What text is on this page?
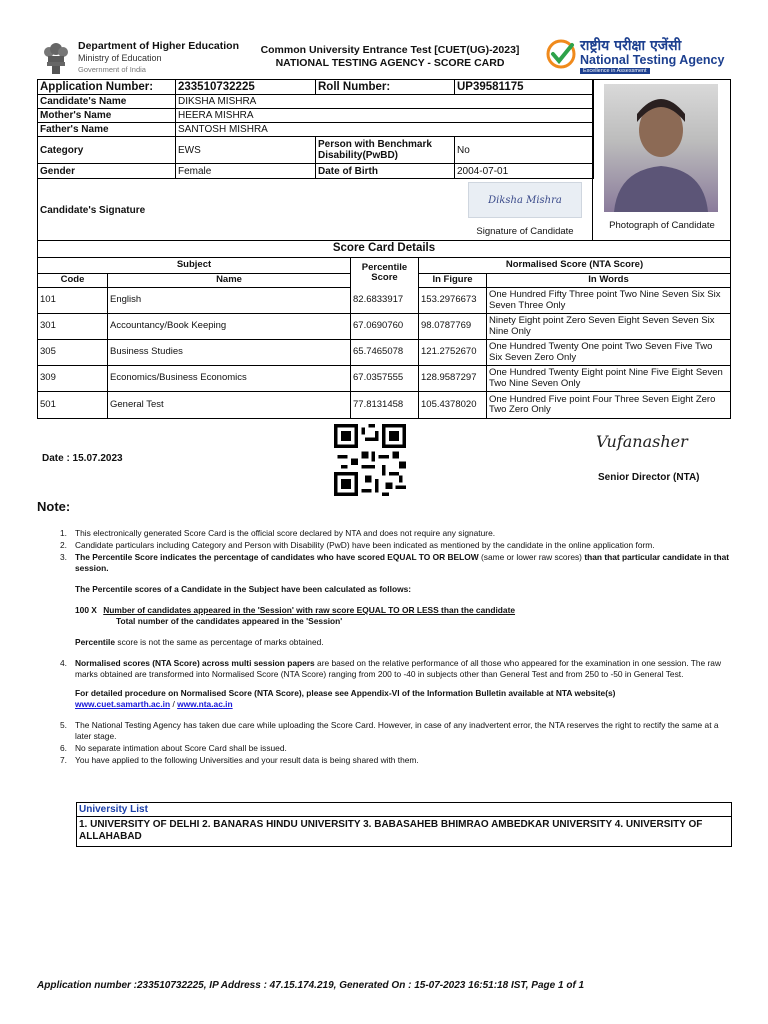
Department of Higher Education
Ministry of Education
Government of India
Common University Entrance Test [CUET(UG)-2023]
NATIONAL TESTING AGENCY - SCORE CARD
राष्ट्रीय परीक्षा एजेंसी
National Testing Agency
Excellence in Assessment
Application Number:	233510732225	Roll Number:	UP39581175
Candidate's Name	DIKSHA MISHRA
Mother's Name	HEERA MISHRA
Father's Name	SANTOSH MISHRA
Category	EWS	Person with Benchmark Disability(PwBD)	No
Gender	Female	Date of Birth	2004-07-01
Candidate's Signature
Diksha Mishra
Signature of Candidate
Photograph of Candidate
Score Card Details
Subject	Percentile Score
Normalised Score (NTA Score)
Code	Name	In Figure	In Words
101	English	82.6833917	153.2976673	One Hundred Fifty Three point Two Nine Seven Six Six Seven Three Only
301	Accountancy/Book Keeping	67.0690760	98.0787769	Ninety Eight point Zero Seven Eight Seven Seven Six Nine Only
305	Business Studies	65.7465078	121.2752670	One Hundred Twenty One point Two Seven Five Two Six Seven Zero Only
309	Economics/Business Economics	67.0357555	128.9587297	One Hundred Twenty Eight point Nine Five Eight Seven Two Nine Seven Only
501	General Test	77.8131458	105.4378020	One Hundred Five point Four Three Seven Eight Zero Two Zero Only
Date : 15.07.2023
Vufanasher
Senior Director (NTA)
Note:
1. This electronically generated Score Card is the official score declared by NTA and does not require any signature.
2. Candidate particulars including Category and Person with Disability (PwD) have been indicated as mentioned by the candidate in the online application form.
3. The Percentile Score indicates the percentage of candidates who have scored EQUAL TO OR BELOW (same or lower raw scores) than that particular candidate in that session.
The Percentile scores of a Candidate in the Subject have been calculated as follows:
100 X Number of candidates appeared in the 'Session' with raw score EQUAL TO OR LESS than the candidate
Total number of the candidates appeared in the 'Session'
Percentile score is not the same as percentage of marks obtained.
4. Normalised scores (NTA Score) across multi session papers are based on the relative performance of all those who appeared for the examination in one session. The raw marks obtained are transformed into Normalised Score (NTA Score) ranging from 200 to -40 in subjects other than General Test and from 250 to -50 in General Test.
For detailed procedure on Normalised Score (NTA Score), please see Appendix-VI of the Information Bulletin available at NTA website(s)
www.cuet.samarth.ac.in / www.nta.ac.in
5. The National Testing Agency has taken due care while uploading the Score Card. However, in case of any inadvertent error, the NTA reserves the right to rectify the same at a later stage.
6. No separate intimation about Score Card shall be issued.
7. You have applied to the following Universities and your result data is being shared with them.
University List
1. UNIVERSITY OF DELHI 2. BANARAS HINDU UNIVERSITY 3. BABASAHEB BHIMRAO AMBEDKAR UNIVERSITY 4. UNIVERSITY OF ALLAHABAD
Application number :233510732225, IP Address : 47.15.174.219, Generated On : 15-07-2023 16:51:18 IST, Page 1 of 1
